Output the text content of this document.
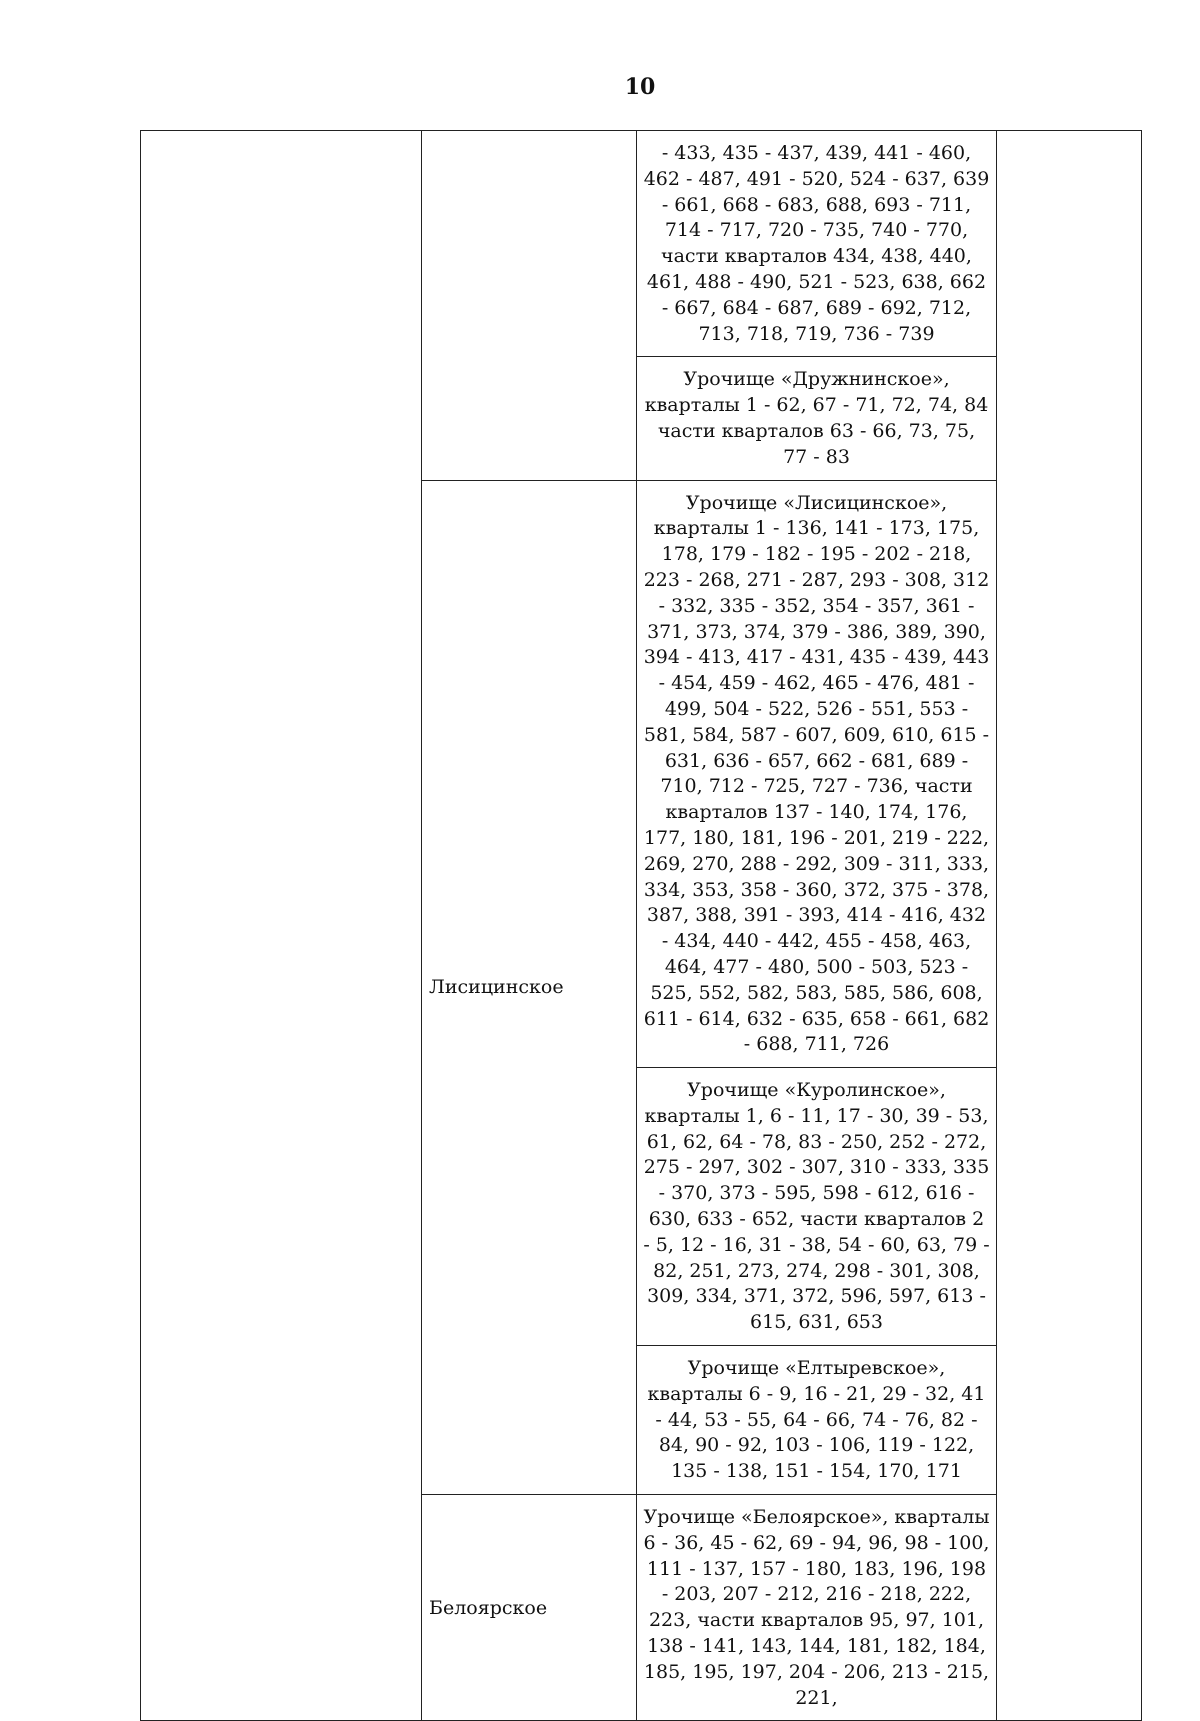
10

		- 433, 435 - 437, 439, 441 - 460, 462 - 487, 491 - 520, 524 - 637, 639 - 661, 668 - 683, 688, 693 - 711, 714 - 717, 720 - 735, 740 - 770, части кварталов 434, 438, 440, 461, 488 - 490, 521 - 523, 638, 662 - 667, 684 - 687, 689 - 692, 712, 713, 718, 719, 736 - 739	

		Урочище «Дружнинское», кварталы 1 - 62, 67 - 71, 72, 74, 84 части кварталов 63 - 66, 73, 75, 77 - 83	

	Лисицинское	Урочище «Лисицинское», кварталы 1 - 136, 141 - 173, 175, 178, 179 - 182 - 195 - 202 - 218, 223 - 268, 271 - 287, 293 - 308, 312 - 332, 335 - 352, 354 - 357, 361 - 371, 373, 374, 379 - 386, 389, 390, 394 - 413, 417 - 431, 435 - 439, 443 - 454, 459 - 462, 465 - 476, 481 - 499, 504 - 522, 526 - 551, 553 - 581, 584, 587 - 607, 609, 610, 615 - 631, 636 - 657, 662 - 681, 689 - 710, 712 - 725, 727 - 736, части кварталов 137 - 140, 174, 176, 177, 180, 181, 196 - 201, 219 - 222, 269, 270, 288 - 292, 309 - 311, 333, 334, 353, 358 - 360, 372, 375 - 378, 387, 388, 391 - 393, 414 - 416, 432 - 434, 440 - 442, 455 - 458, 463, 464, 477 - 480, 500 - 503, 523 - 525, 552, 582, 583, 585, 586, 608, 611 - 614, 632 - 635, 658 - 661, 682 - 688, 711, 726	

		Урочище «Куролинское», кварталы 1, 6 - 11, 17 - 30, 39 - 53, 61, 62, 64 - 78, 83 - 250, 252 - 272, 275 - 297, 302 - 307, 310 - 333, 335 - 370, 373 - 595, 598 - 612, 616 - 630, 633 - 652, части кварталов 2 - 5, 12 - 16, 31 - 38, 54 - 60, 63, 79 - 82, 251, 273, 274, 298 - 301, 308, 309, 334, 371, 372, 596, 597, 613 - 615, 631, 653	

		Урочище «Елтыревское», кварталы 6 - 9, 16 - 21, 29 - 32, 41 - 44, 53 - 55, 64 - 66, 74 - 76, 82 - 84, 90 - 92, 103 - 106, 119 - 122, 135 - 138, 151 - 154, 170, 171	

	Белоярское	Урочище «Белоярское», кварталы 6 - 36, 45 - 62, 69 - 94, 96, 98 - 100, 111 - 137, 157 - 180, 183, 196, 198 - 203, 207 - 212, 216 - 218, 222, 223, части кварталов 95, 97, 101, 138 - 141, 143, 144, 181, 182, 184, 185, 195, 197, 204 - 206, 213 - 215, 221,	
